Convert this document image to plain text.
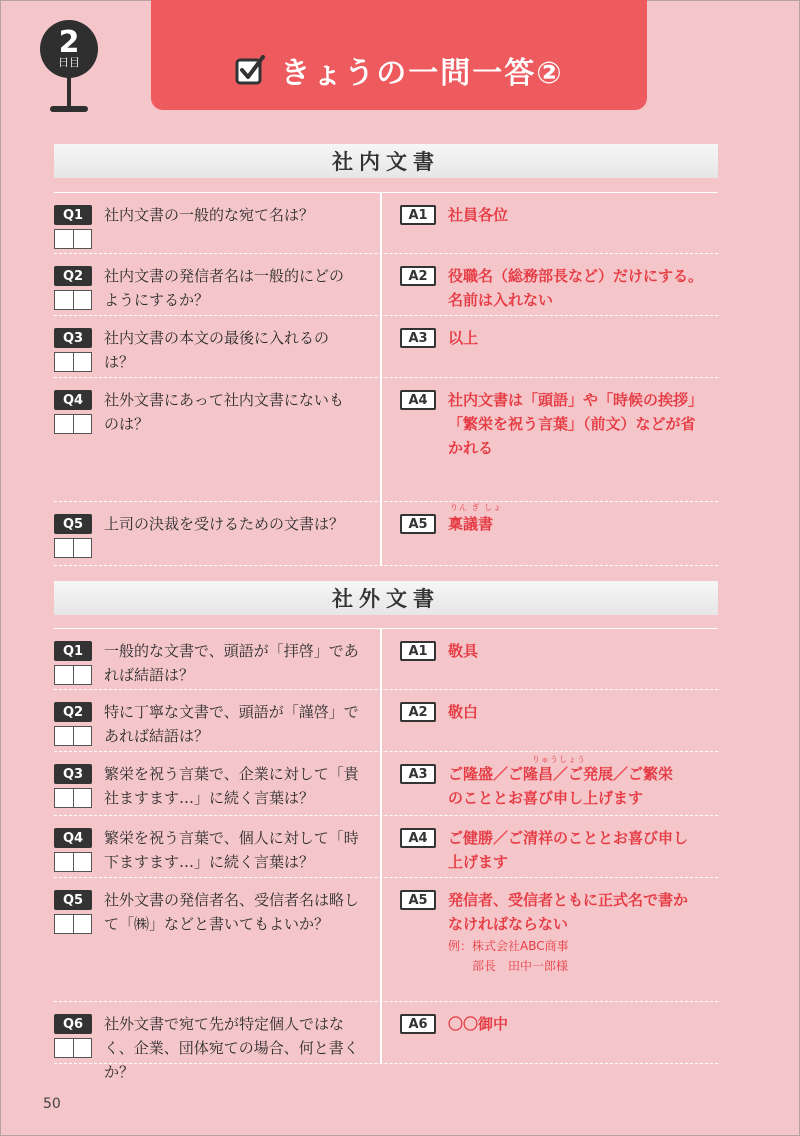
2
日目	きょうの一問一答②
社内文書
Q1	社内文書の一般的な宛て名は？	A1	社員各位
Q2	社内文書の発信者名は一般的にどの
ようにするか？
A2	役職名（総務部長など）だけにする。
名前は入れない
Q3	社内文書の本文の最後に入れるの
は？
A3	以上
Q4	社外文書にあって社内文書にないも
のは？
A4	社内文書は「頭語」や「時候の挨拶」
「繁栄を祝う言葉」（前文）などが省
かれる
Q5	上司の決裁を受けるための文書は？	A5
りん ぎ しょ
稟議書
社外文書
Q1	一般的な文書で、頭語が「拝啓」であ
れば結語は？
A1	敬具
Q2	特に丁寧な文書で、頭語が「謹啓」で
あれば結語は？
A2	敬白
Q3	繁栄を祝う言葉で、企業に対して「貴
社ますます…」に続く言葉は？
A3
りゅうしょう
ご隆盛／ご隆昌／ご発展／ご繁栄
のこととお喜び申し上げます
Q4	繁栄を祝う言葉で、個人に対して「時
下ますます…」に続く言葉は？
A4	ご健勝／ご清祥のこととお喜び申し
上げます
Q5	社外文書の発信者名、受信者名は略し
て「㈱」などと書いてもよいか？
A5	発信者、受信者ともに正式名で書か
なければならない
例：株式会社ABC商事
　　部長　田中一郎様
Q6	社外文書で宛て先が特定個人ではな
く、企業、団体宛ての場合、何と書くか？
A6	〇〇御中
50
